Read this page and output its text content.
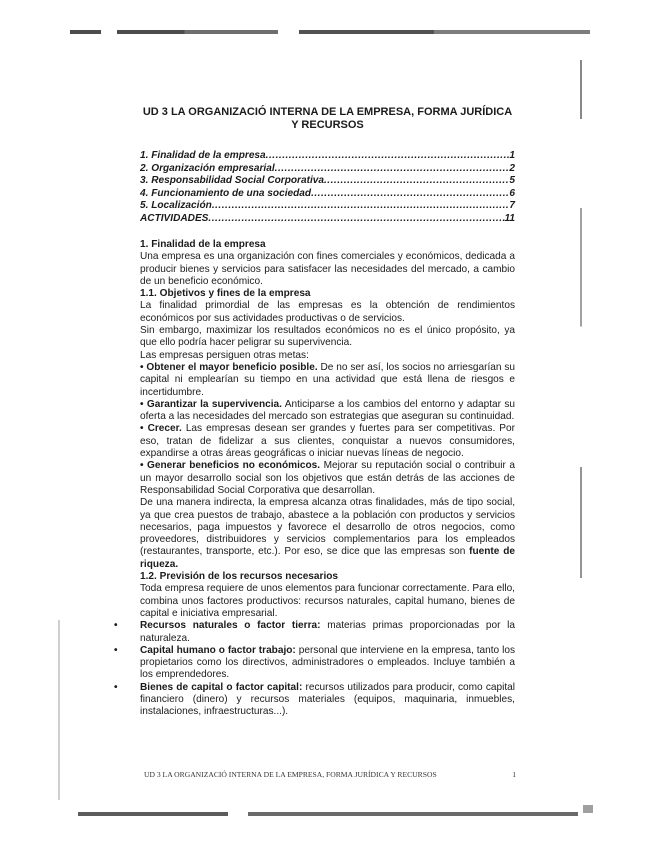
UD 3 LA ORGANIZACIÓ INTERNA DE LA EMPRESA, FORMA JURÍDICA Y RECURSOS
1. Finalidad de la empresa .....	1
2. Organización empresarial .....	2
3. Responsabilidad Social Corporativa .....	5
4. Funcionamiento de una sociedad .....	6
5. Localización .....	7
ACTIVIDADES .....	11

1. Finalidad de la empresa

Una empresa es una organización con fines comerciales y económicos, dedicada a producir bienes y servicios para satisfacer las necesidades del mercado, a cambio de un beneficio económico.

1.1. Objetivos y fines de la empresa

La finalidad primordial de las empresas es la obtención de rendimientos económicos por sus actividades productivas o de servicios.

Sin embargo, maximizar los resultados económicos no es el único propósito, ya que ello podría hacer peligrar su supervivencia.

Las empresas persiguen otras metas:

• Obtener el mayor beneficio posible. De no ser así, los socios no arriesgarían su capital ni emplearían su tiempo en una actividad que está llena de riesgos e incertidumbre.

• Garantizar la supervivencia. Anticiparse a los cambios del entorno y adaptar su oferta a las necesidades del mercado son estrategias que aseguran su continuidad.

• Crecer. Las empresas desean ser grandes y fuertes para ser competitivas. Por eso, tratan de fidelizar a sus clientes, conquistar a nuevos consumidores, expandirse a otras áreas geográficas o iniciar nuevas líneas de negocio.

• Generar beneficios no económicos. Mejorar su reputación social o contribuir a un mayor desarrollo social son los objetivos que están detrás de las acciones de Responsabilidad Social Corporativa que desarrollan.

De una manera indirecta, la empresa alcanza otras finalidades, más de tipo social, ya que crea puestos de trabajo, abastece a la población con productos y servicios necesarios, paga impuestos y favorece el desarrollo de otros negocios, como proveedores, distribuidores y servicios complementarios para los empleados (restaurantes, transporte, etc.). Por eso, se dice que las empresas son fuente de riqueza.

1.2. Previsión de los recursos necesarios

Toda empresa requiere de unos elementos para funcionar correctamente. Para ello, combina unos factores productivos: recursos naturales, capital humano, bienes de capital e iniciativa empresarial.

• Recursos naturales o factor tierra: materias primas proporcionadas por la naturaleza.
• Capital humano o factor trabajo: personal que interviene en la empresa, tanto los propietarios como los directivos, administradores o empleados. Incluye también a los emprendedores.
• Bienes de capital o factor capital: recursos utilizados para producir, como capital financiero (dinero) y recursos materiales (equipos, maquinaria, inmuebles, instalaciones, infraestructuras...).
UD 3 LA ORGANIZACIÓ INTERNA DE LA EMPRESA, FORMA JURÍDICA Y RECURSOS	1
